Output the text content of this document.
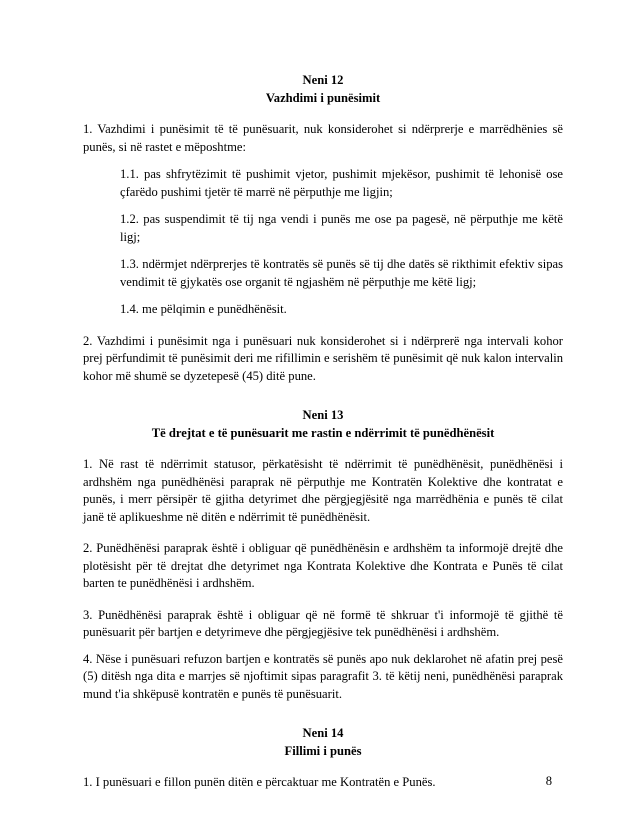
Neni 12
Vazhdimi i punësimit

1. Vazhdimi i punësimit të të punësuarit, nuk konsiderohet si ndërprerje e marrëdhënies së punës, si në rastet e mëposhtme:

1.1. pas shfrytëzimit të pushimit vjetor, pushimit mjekësor, pushimit të lehonisë ose çfarëdo pushimi tjetër të marrë në përputhje me ligjin;

1.2. pas suspendimit të tij nga vendi i punës me ose pa pagesë, në përputhje me këtë ligj;

1.3. ndërmjet ndërprerjes të kontratës së punës së tij dhe datës së rikthimit efektiv sipas vendimit të gjykatës ose organit të ngjashëm në përputhje me këtë ligj;

1.4. me pëlqimin e punëdhënësit.

2. Vazhdimi i punësimit nga i punësuari nuk konsiderohet si i ndërprerë nga intervali kohor prej përfundimit të punësimit deri me rifillimin e serishëm të punësimit që nuk kalon intervalin kohor më shumë se dyzetepesë (45) ditë pune.

Neni 13
Të drejtat e të punësuarit me rastin e ndërrimit të punëdhënësit

1. Në rast të ndërrimit statusor, përkatësisht të ndërrimit të punëdhënësit, punëdhënësi i ardhshëm nga punëdhënësi paraprak në përputhje me Kontratën Kolektive dhe kontratat e punës, i merr përsipër të gjitha detyrimet dhe përgjegjësitë nga marrëdhënia e punës të cilat janë të aplikueshme në ditën e ndërrimit të punëdhënësit.

2. Punëdhënësi paraprak është i obliguar që punëdhënësin e ardhshëm ta informojë drejtë dhe plotësisht për të drejtat dhe detyrimet nga Kontrata Kolektive dhe Kontrata e Punës të cilat barten te punëdhënësi i ardhshëm.

3. Punëdhënësi paraprak është i obliguar që në formë të shkruar t'i informojë të gjithë të punësuarit për bartjen e detyrimeve dhe përgjegjësive tek punëdhënësi i ardhshëm.

4. Nëse i punësuari refuzon bartjen e kontratës së punës apo nuk deklarohet në afatin prej pesë (5) ditësh nga dita e marrjes së njoftimit sipas paragrafit 3. të këtij neni, punëdhënësi paraprak mund t'ia shkëpusë kontratën e punës të punësuarit.

Neni 14
Fillimi i punës

1. I punësuari e fillon punën ditën e përcaktuar me Kontratën e Punës.	8
